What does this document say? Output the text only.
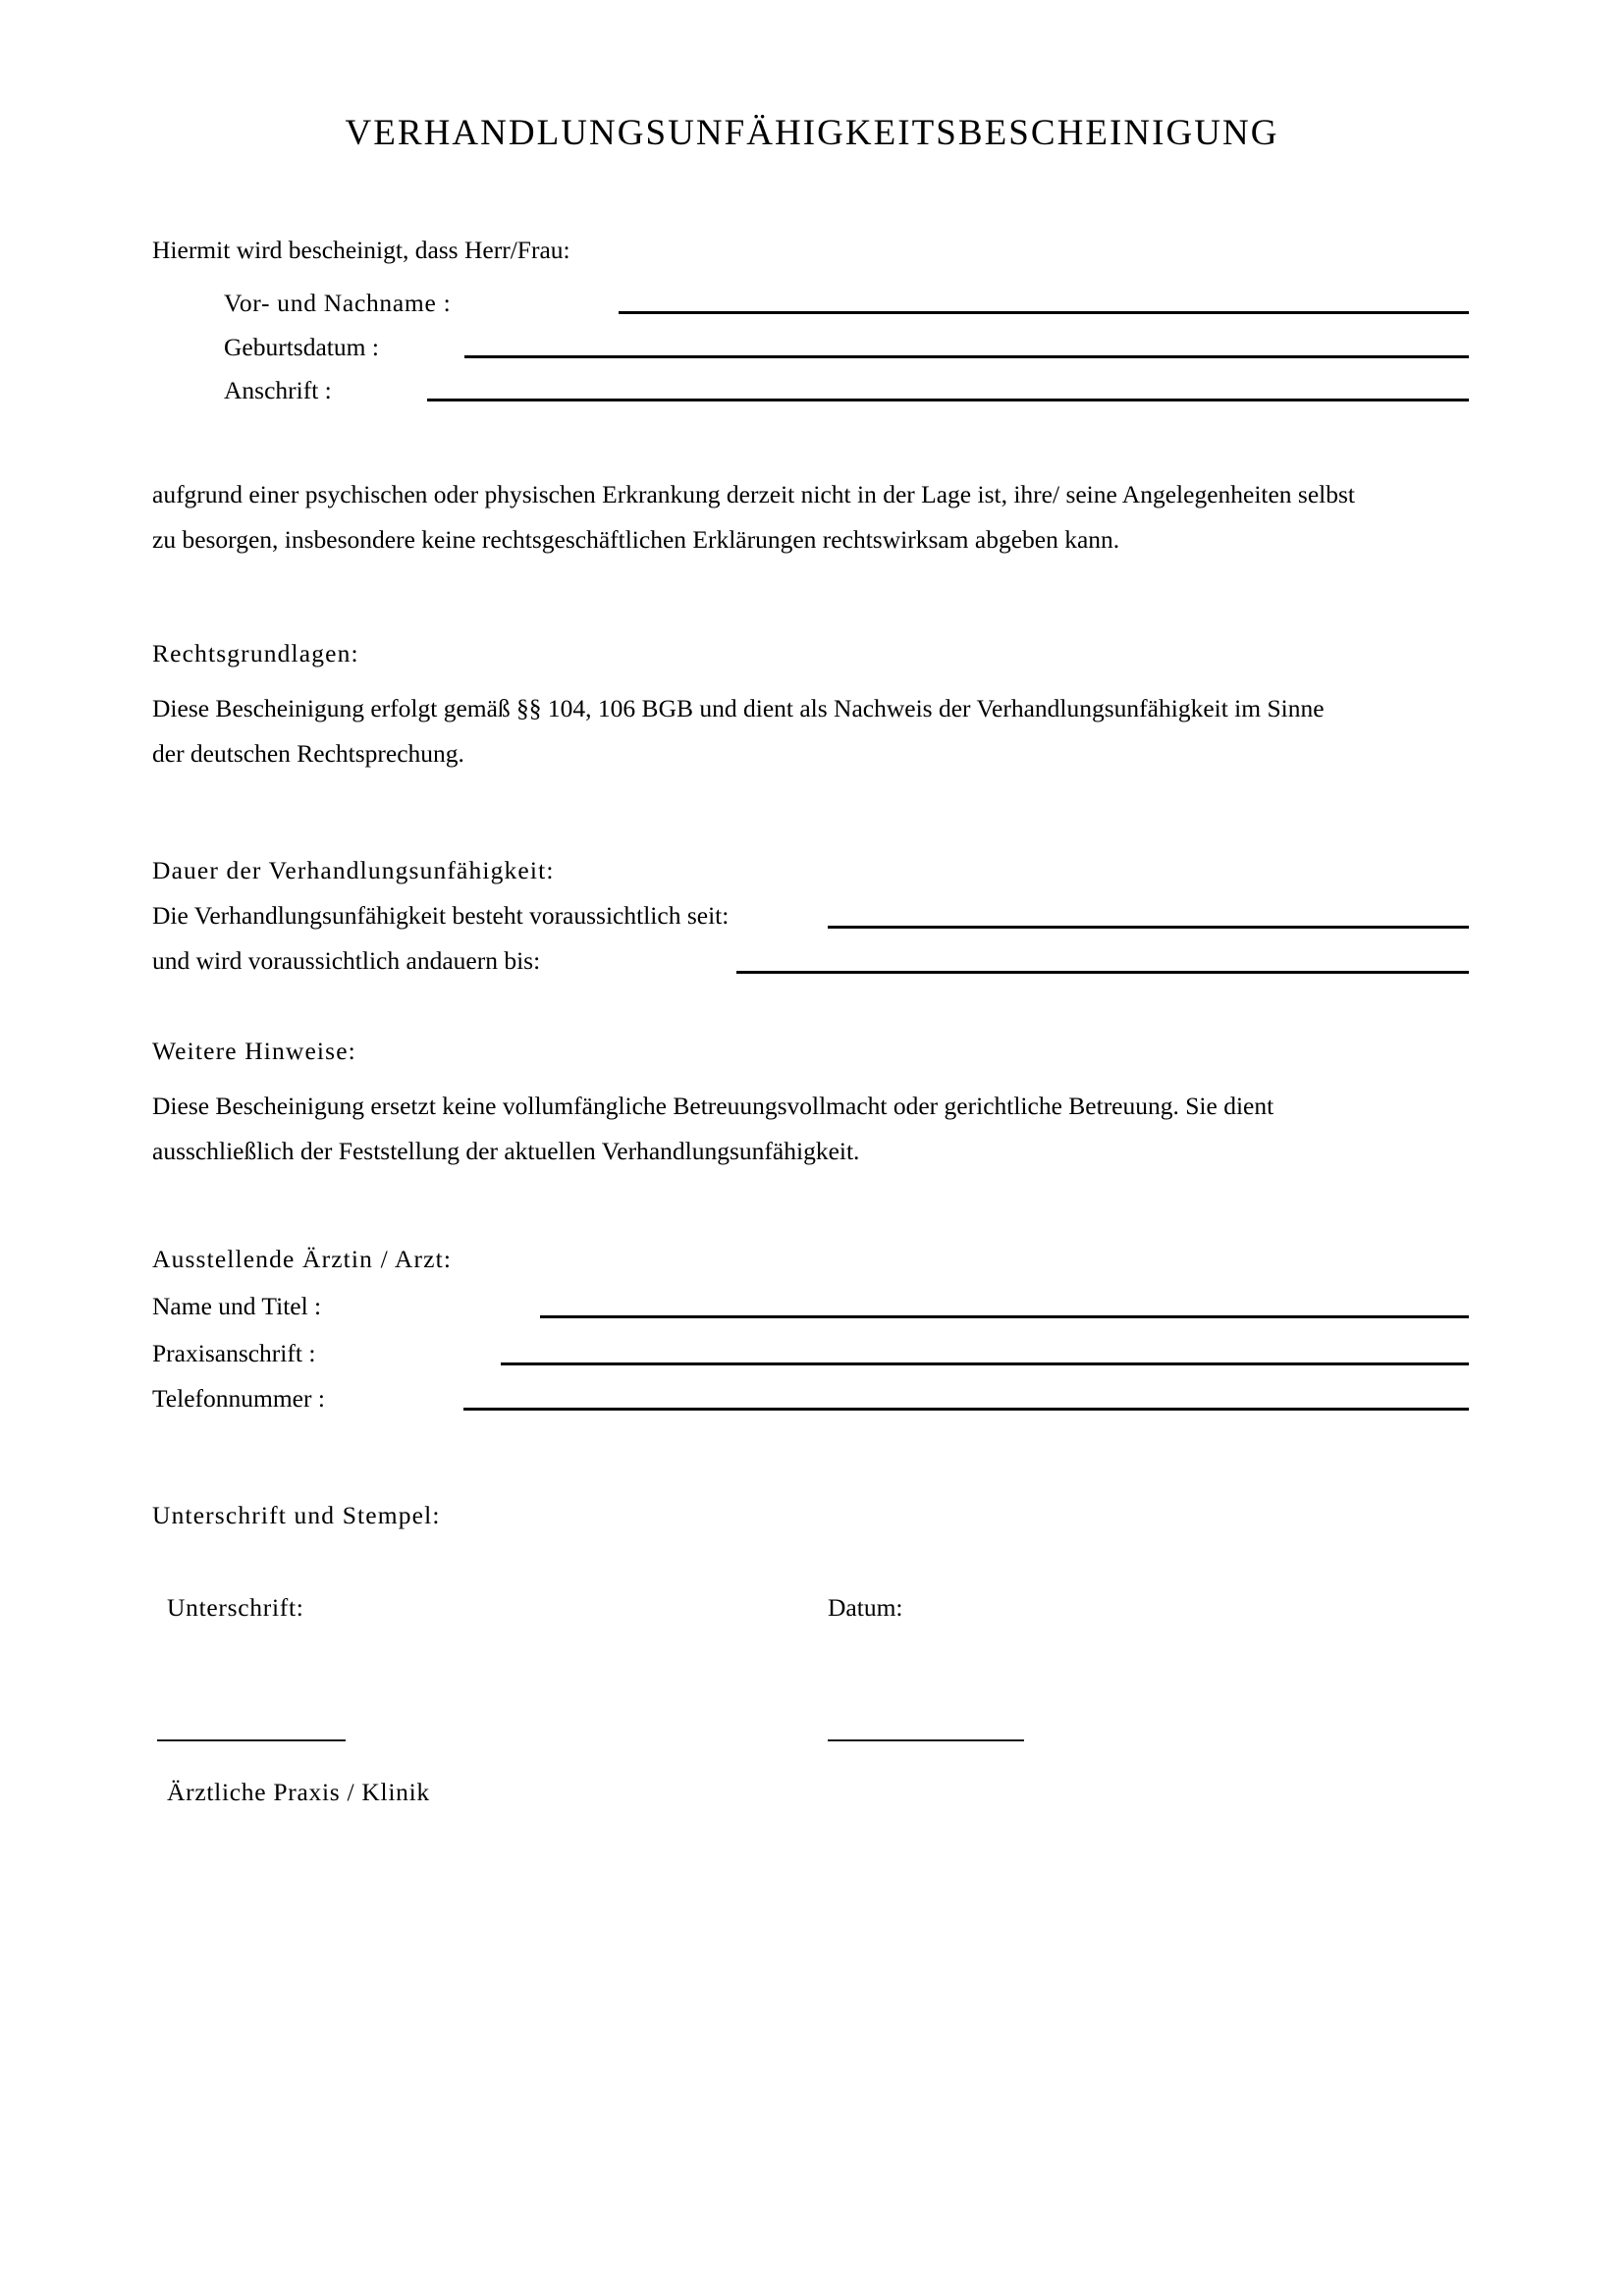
VERHANDLUNGSUNFÄHIGKEITSBESCHEINIGUNG
Hiermit wird bescheinigt, dass Herr/Frau:
Vor- und Nachname :
Geburtsdatum :
Anschrift :
aufgrund einer psychischen oder physischen Erkrankung derzeit nicht in der Lage ist, ihre/ seine Angelegenheiten selbst
zu besorgen, insbesondere keine rechtsgeschäftlichen Erklärungen rechtswirksam abgeben kann.
Rechtsgrundlagen:
Diese Bescheinigung erfolgt gemäß §§ 104, 106 BGB und dient als Nachweis der Verhandlungsunfähigkeit im Sinne
der deutschen Rechtsprechung.
Dauer der Verhandlungsunfähigkeit:
Die Verhandlungsunfähigkeit besteht voraussichtlich seit:
und wird voraussichtlich andauern bis:
Weitere Hinweise:
Diese Bescheinigung ersetzt keine vollumfängliche Betreuungsvollmacht oder gerichtliche Betreuung. Sie dient
ausschließlich der Feststellung der aktuellen Verhandlungsunfähigkeit.
Ausstellende Ärztin / Arzt:
Name und Titel :
Praxisanschrift :
Telefonnummer :
Unterschrift und Stempel:
Unterschrift:	Datum:
Ärztliche Praxis / Klinik
